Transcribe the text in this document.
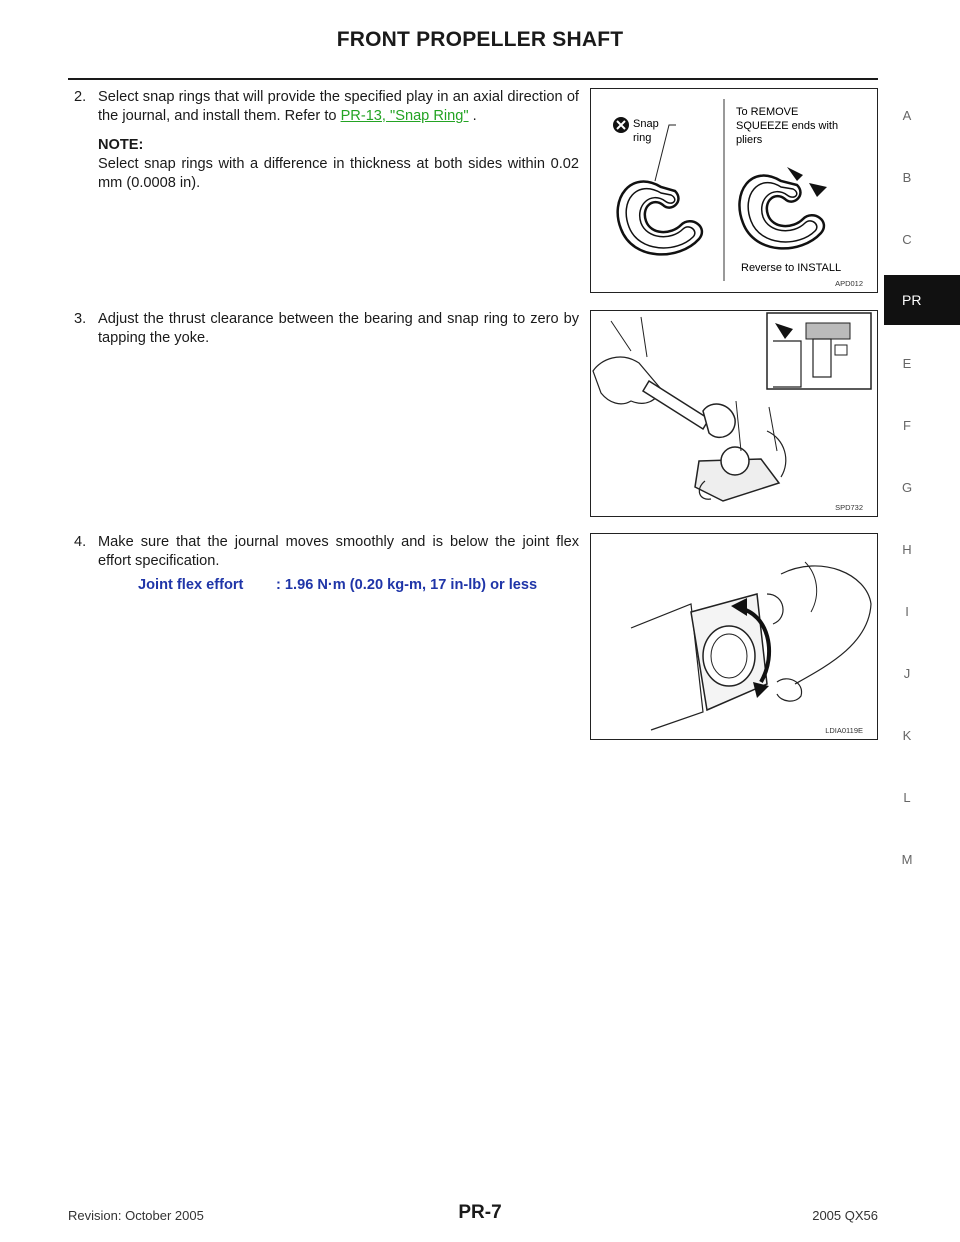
FRONT PROPELLER SHAFT
2. Select snap rings that will provide the specified play in an axial direction of the journal, and install them. Refer to PR-13, "Snap Ring" .
NOTE:
Select snap rings with a difference in thickness at both sides within 0.02 mm (0.0008 in).
3. Adjust the thrust clearance between the bearing and snap ring to zero by tapping the yoke.
4. Make sure that the journal moves smoothly and is below the joint flex effort specification.
Joint flex effort : 1.96 N·m (0.20 kg-m, 17 in-lb) or less
Snap
ring
To REMOVE
SQUEEZE ends with
pliers
Reverse to INSTALL
APD012
SPD732
LDIA0119E
A
B
C
PR
E
F
G
H
I
J
K
L
M
Revision: October 2005	PR-7	2005 QX56
